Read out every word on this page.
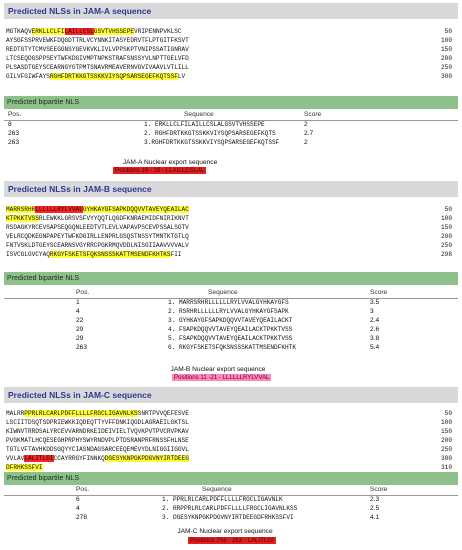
Predicted NLSs in JAM-A sequence
MGTKAQVERKLLCLFILAILLCSLGSVTVHSSEPEVRIPENNPVKLSC	50
AYSGFSSPRVEWKFDQGDTTRLVCYNNKITASYEDRVTFLPTGITFKSVT	100
REDTGTYTCMVSEEGGNSYGEVKVKLIVLVPPSKPTVNIPSSATIGNRAV	150
LTCSEQDGSPPSEYTWFKDGIVMPTNPKSTRAFSNSSYVLNPTTGELVFD	200
PLSASDTGEYSCEARNGYGTPMTSNAVRMEAVERNVGVIVAAVLVTLILL	250
GILVFGIWFAYSRGHFDRTKKGTSSKKVIYSQPSARSEGEFKQTSSFLV	300
Predicted bipartite NLS
Pos.	Sequence	Score
8	1. ERKLLCLFILAILLCSLALGSVTVHSSEPE	2
263	2. RGHFDRTKKGTSSKKVIYSQPSARSEGEFKQTS	2.7
263	3.RGHFDRTKKGTSSKKVIYSQPSARSEGEFKQTSSF	2
JAM-A Nuclear export sequence
Positions 16 - 28 - LLAILLCSLAL
Predicted NLSs in JAM-B sequence
MARRSRHRLLLLLLRYLVVALGYHKAYGFSAPKDQQVVTAVEYQEAILAC	50
KTPKKTVSSRLEWKKLGRSVSFVYYQQTLQGDFKNRAEMIDFNIRIKNVT	100
RSDAGKYRCEVSAPSEQGQNLEEDTVTLEVLVAPAVPSCEVPSSALSGTV	150
VELRCQDKEGNPAPEYTWFKDGIRLLENPRLGSQSTNSSYTMNTKTGTLQ	200
FNTVSKLDTGEYSCEARNSVGYRRCPGKRMQVDDLNISGIIAAVVVVALV	250
ISVCGLGVCYAQRKGYFSKETSFQKSNSSSKATTMSENDFKHTKSFII	298
Predicted bipartite NLS
Pos.	Sequence	Score
1	1. MARRSRHRLLLLLLRYLVVALGYHKAYGFS	3.5
4	2. RSRHRLLLLLLRYLVVALGYHKAYGFSAPK	3
22	3. GYHKAYGFSAPKDQQVVTAVEYQEAILACKT	2.4
29	4. FSAPKDQQVVTAVEYQEAILACKTPKKTVSS	2.6
29	5. FSAPKDQQVVTAVEYQEAILACKTPKKTVSS	3.8
263	6. RKGYFSKETSFQKSNSSSKATTMSENDFKHTK	5.4
JAM-B Nuclear export sequence
Positions 11 -21 - LLLLLLRYLVVAL
Predicted NLSs in JAM-C sequence
MALRRPPRLRLCARLPDFFLLLLFRGCLIGAVNLKSSNRTPVVQEFESVE	50
LSCIITDSQTSDPRIEWKKIQDEQTTYVFFDNKIQGDLAGRAEILGKTSL	100
KIWNVTRRDSALYRCEVVARNDRKEIDEIVIELTVQVKPVTPVCRVPKAV	150
PVGKMATLHCQESEGHPRPHYSWYRNDVPLPTDSRANPRFRNSSFHLNSE	200
TGTLVFTAVHKDDSGQYYCIASNDAGSARCEEQEMEVYDLNIGGIIGGVL	250
VVLAVLALITLGICCAYRRGYFINNKQDGESYKNPGKPDGVNYIRTDEEG	300
DFRHKSSFVI	310
Predicted bipartite NLS
Pos.	Sequence	Score
6	1. PPRLRLCARLPDFFLLLLFRGCLIGAVNLK	2.3
4	2. RRPPRLRLCARLPDFFLLLLFRGCLIGAVNLKSS	2.5
278	3. DGESYKNPGKPDGVNYIRTDEEGDFRHKSSFVI	4.1
JAM-C Nuclear export sequence
Positions 256 - 263 - LALITLGI
